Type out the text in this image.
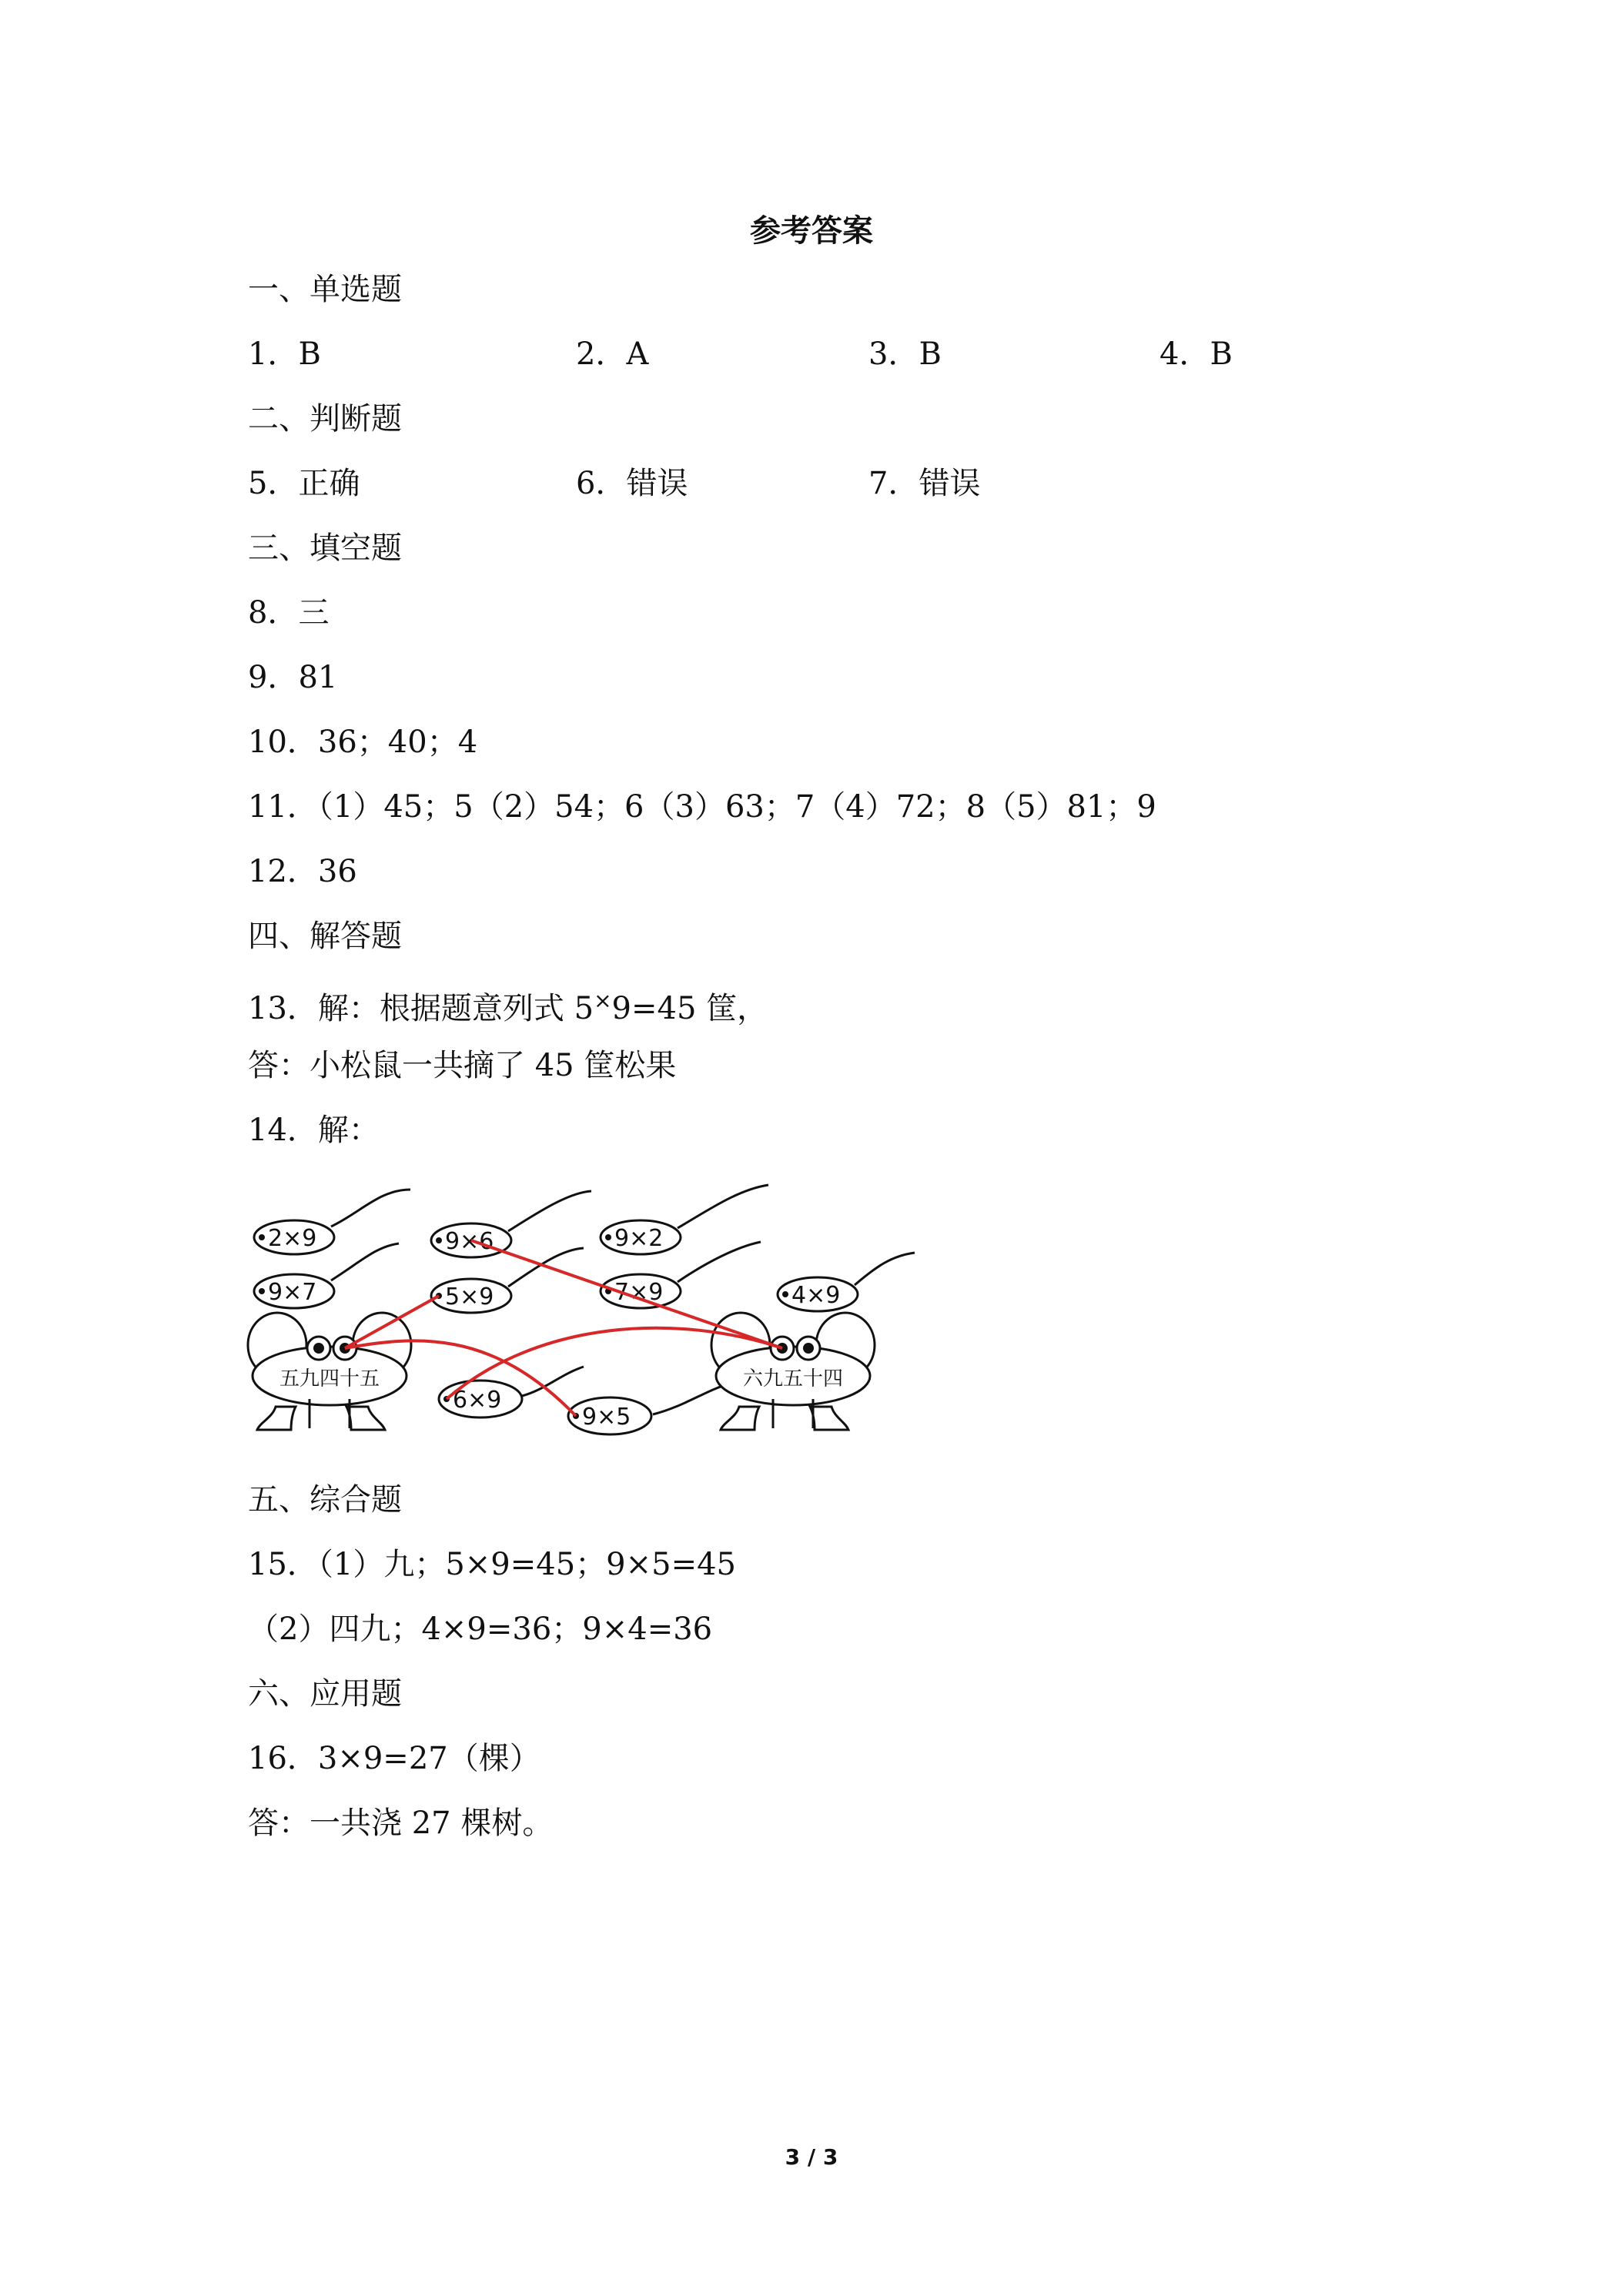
参考答案
一、单选题
1．B	2．A	3．B	4．B
二、判断题
5．正确	6．错误	7．错误
三、填空题
8．三
9．81
10．36；40；4
11．（1）45；5（2）54；6（3）63；7（4）72；8（5）81；9
12．36
四、解答题
13．解：根据题意列式 5×9=45 筐，
答：小松鼠一共摘了 45 筐松果
14．解：
2×9	9×6	9×2
9×7	5×9	7×9	4×9
6×9
9×5
五九四十五	六九五十四
五、综合题
15．（1）九；5×9=45；9×5=45
（2）四九；4×9=36；9×4=36
六、应用题
16．3×9=27（棵）
答：一共浇 27 棵树。
3 / 3
